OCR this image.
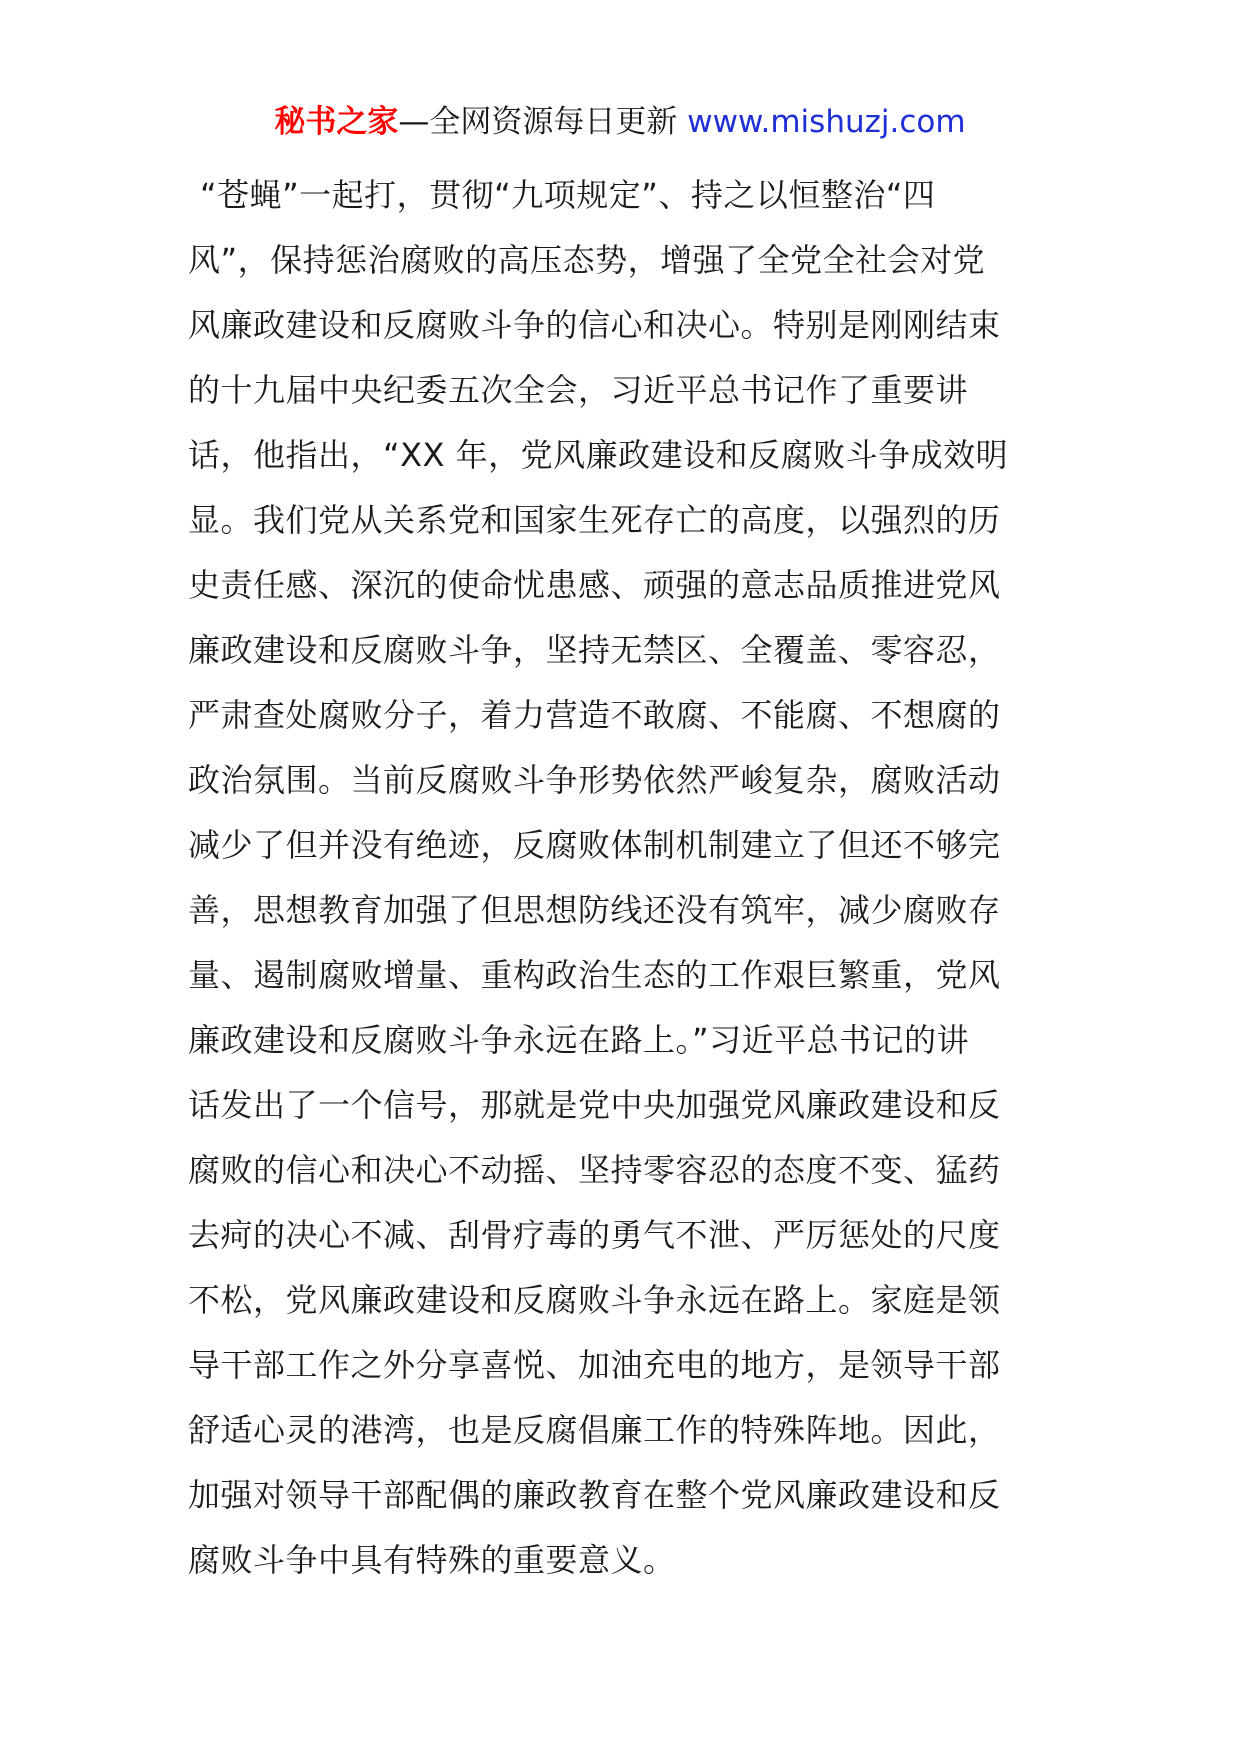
秘书之家—全网资源每日更新 www.mishuzj.com
“苍蝇”一起打，贯彻“九项规定”、持之以恒整治“四
风”，保持惩治腐败的高压态势，增强了全党全社会对党
风廉政建设和反腐败斗争的信心和决心。特别是刚刚结束
的十九届中央纪委五次全会，习近平总书记作了重要讲
话，他指出，“XX 年，党风廉政建设和反腐败斗争成效明
显。我们党从关系党和国家生死存亡的高度，以强烈的历
史责任感、深沉的使命忧患感、顽强的意志品质推进党风
廉政建设和反腐败斗争，坚持无禁区、全覆盖、零容忍，
严肃查处腐败分子，着力营造不敢腐、不能腐、不想腐的
政治氛围。当前反腐败斗争形势依然严峻复杂，腐败活动
减少了但并没有绝迹，反腐败体制机制建立了但还不够完
善，思想教育加强了但思想防线还没有筑牢，减少腐败存
量、遏制腐败增量、重构政治生态的工作艰巨繁重，党风
廉政建设和反腐败斗争永远在路上。”习近平总书记的讲
话发出了一个信号，那就是党中央加强党风廉政建设和反
腐败的信心和决心不动摇、坚持零容忍的态度不变、猛药
去疴的决心不减、刮骨疗毒的勇气不泄、严厉惩处的尺度
不松，党风廉政建设和反腐败斗争永远在路上。家庭是领
导干部工作之外分享喜悦、加油充电的地方，是领导干部
舒适心灵的港湾，也是反腐倡廉工作的特殊阵地。因此，
加强对领导干部配偶的廉政教育在整个党风廉政建设和反
腐败斗争中具有特殊的重要意义。
